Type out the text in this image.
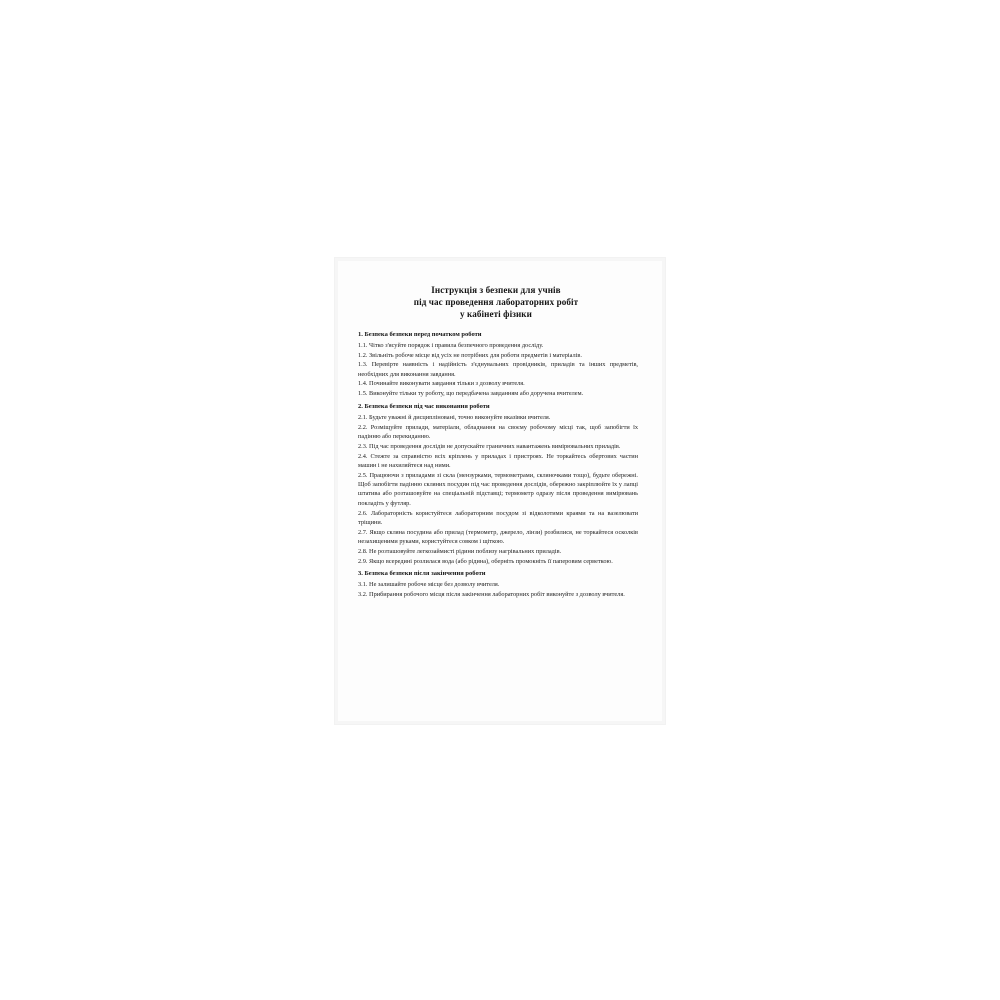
Інструкція з безпеки для учнів
під час проведення лабораторних робіт
у кабінеті фізики
1. Безпека безпеки перед початком роботи

1.1. Чітко з'ясуйте порядок і правила безпечного проведення досліду.

1.2. Звільніть робоче місце від усіх не потрібних для роботи предметів і матеріалів.

1.3. Перевірте наявність і надійність з'єднувальних провідників, приладів та інших предметів, необхідних для виконання завдання.

1.4. Починайте виконувати завдання тільки з дозволу вчителя.

1.5. Виконуйте тільки ту роботу, що передбачена завданням або доручена вчителем.

2. Безпека безпеки під час виконання роботи

2.1. Будьте уважні й дисципліновані, точно виконуйте вказівки вчителя.

2.2. Розміщуйте прилади, матеріали, обладнання на своєму робочому місці так, щоб запобігти їх падінню або перекиданню.

2.3. Під час проведення дослідів не допускайте граничних навантажень вимірювальних приладів.

2.4. Стежте за справністю всіх кріплень у приладах і пристроях. Не торкайтесь обертових частин машин і не нахиляйтеся над ними.

2.5. Працюючи з приладами зі скла (мензурками, термометрами, скляночками тощо), будьте обережні. Щоб запобігти падінню скляних посудин під час проведення дослідів, обережно закріплюйте їх у лапці штатива або розташовуйте на спеціальній підставці; термометр одразу після проведення вимірювань покладіть у футляр.

2.6. Лабораторність користуйтеся лабораторним посудом зі відколотими краями та на вазелювати тріщини.

2.7. Якщо скляна посудина або прилад (термометр, джерело, лінзи) розбилися, не торкайтеся осколків незахищеними руками, користуйтеся совком і щіткою.

2.8. Не розташовуйте легкозаймисті рідини поблизу нагрівальних приладів.

2.9. Якщо всередині розлилася вода (або рідина), оберніть промокніть її паперовим серветкою.

3. Безпека безпеки після закінчення роботи

3.1. Не залишайте робоче місце без дозволу вчителя.

3.2. Прибирання робочого місця після закінчення лабораторних робіт виконуйте з дозволу вчителя.
